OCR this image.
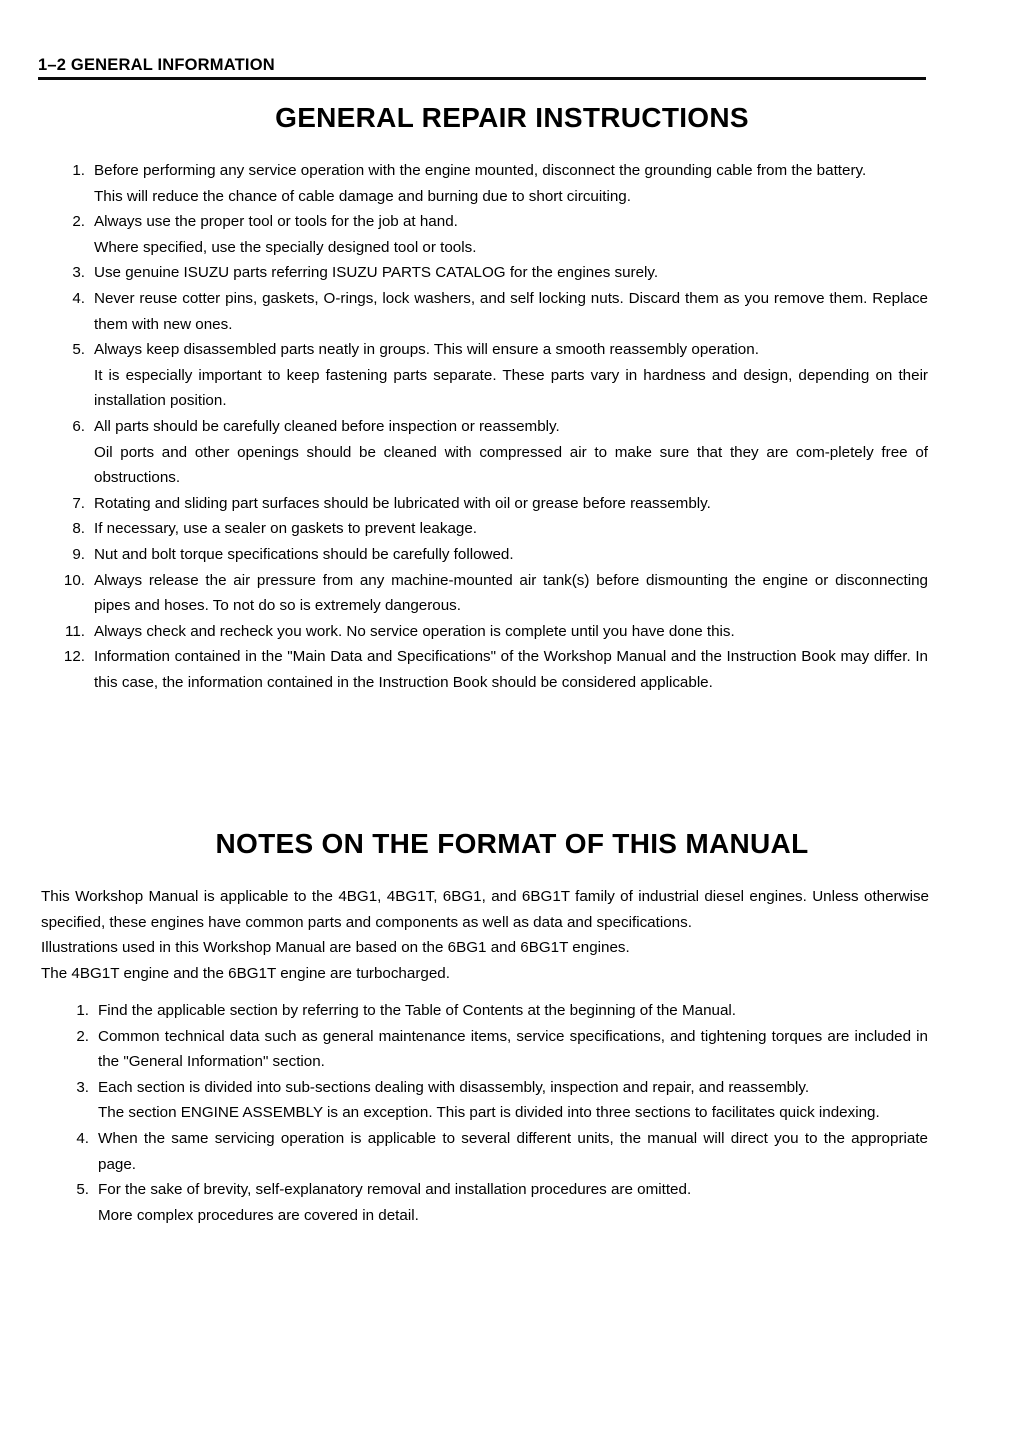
1–2 GENERAL INFORMATION
GENERAL REPAIR INSTRUCTIONS
1. Before performing any service operation with the engine mounted, disconnect the grounding cable from the battery.
This will reduce the chance of cable damage and burning due to short circuiting.
2. Always use the proper tool or tools for the job at hand.
Where specified, use the specially designed tool or tools.
3. Use genuine ISUZU parts referring ISUZU PARTS CATALOG for the engines surely.
4. Never reuse cotter pins, gaskets, O-rings, lock washers, and self locking nuts. Discard them as you remove them. Replace them with new ones.
5. Always keep disassembled parts neatly in groups. This will ensure a smooth reassembly operation.
It is especially important to keep fastening parts separate. These parts vary in hardness and design, depending on their installation position.
6. All parts should be carefully cleaned before inspection or reassembly.
Oil ports and other openings should be cleaned with compressed air to make sure that they are com-pletely free of obstructions.
7. Rotating and sliding part surfaces should be lubricated with oil or grease before reassembly.
8. If necessary, use a sealer on gaskets to prevent leakage.
9. Nut and bolt torque specifications should be carefully followed.
10. Always release the air pressure from any machine-mounted air tank(s) before dismounting the engine or disconnecting pipes and hoses. To not do so is extremely dangerous.
11. Always check and recheck you work. No service operation is complete until you have done this.
12. Information contained in the "Main Data and Specifications" of the Workshop Manual and the Instruction Book may differ. In this case, the information contained in the Instruction Book should be considered applicable.
NOTES ON THE FORMAT OF THIS MANUAL
This Workshop Manual is applicable to the 4BG1, 4BG1T, 6BG1, and 6BG1T family of industrial diesel engines. Unless otherwise specified, these engines have common parts and components as well as data and specifications.
Illustrations used in this Workshop Manual are based on the 6BG1 and 6BG1T engines.
The 4BG1T engine and the 6BG1T engine are turbocharged.
1. Find the applicable section by referring to the Table of Contents at the beginning of the Manual.
2. Common technical data such as general maintenance items, service specifications, and tightening torques are included in the "General Information" section.
3. Each section is divided into sub-sections dealing with disassembly, inspection and repair, and reassembly.
The section ENGINE ASSEMBLY is an exception. This part is divided into three sections to facilitates quick indexing.
4. When the same servicing operation is applicable to several different units, the manual will direct you to the appropriate page.
5. For the sake of brevity, self-explanatory removal and installation procedures are omitted.
More complex procedures are covered in detail.
